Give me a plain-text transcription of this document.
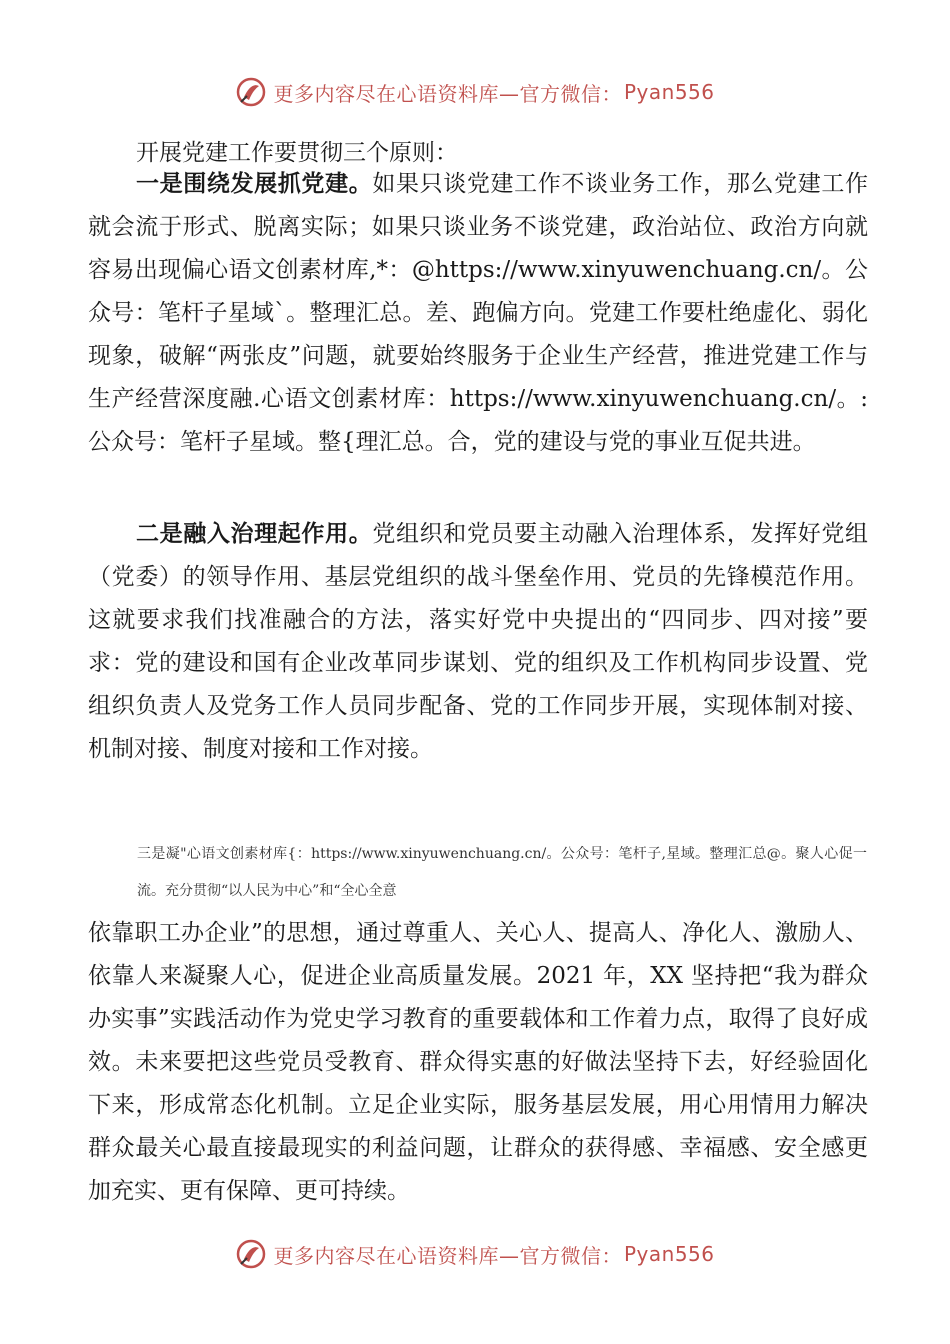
更多内容尽在心语资料库— 官方微信： Pyan556
开展党建工作要贯彻三个原则：
一是围绕发展抓党建。如果只谈党建工作不谈业务工作，那么党建工作就会流于形式、脱离实际；如果只谈业务不谈党建，政治站位、政治方向就容易出现偏心语文创素材库,*：@https://www.xinyuwenchuang.cn/。公众号：笔杆子星域`。整理汇总。差、跑偏方向。党建工作要杜绝虚化、弱化现象，破解“两张皮”问题，就要始终服务于企业生产经营，推进党建工作与生产经营深度融.心语文创素材库：https://www.xinyuwenchuang.cn/。:公众号：笔杆子星域。整{理汇总。合，党的建设与党的事业互促共进。
二是融入治理起作用。党组织和党员要主动融入治理体系，发挥好党组（党委）的领导作用、基层党组织的战斗堡垒作用、党员的先锋模范作用。这就要求我们找准融合的方法，落实好党中央提出的“四同步、四对接”要求：党的建设和国有企业改革同步谋划、党的组织及工作机构同步设置、党组织负责人及党务工作人员同步配备、党的工作同步开展，实现体制对接、机制对接、制度对接和工作对接。
三是凝"心语文创素材库{：https://www.xinyuwenchuang.cn/。公众号：笔杆子,星域。整理汇总@。聚人心促一流。充分贯彻“以人民为中心”和“全心全意
依靠职工办企业”的思想，通过尊重人、关心人、提高人、净化人、激励人、依靠人来凝聚人心，促进企业高质量发展。2021 年，XX 坚持把“我为群众办实事”实践活动作为党史学习教育的重要载体和工作着力点，取得了良好成效。未来要把这些党员受教育、群众得实惠的好做法坚持下去，好经验固化下来，形成常态化机制。立足企业实际，服务基层发展，用心用情用力解决群众最关心最直接最现实的利益问题，让群众的获得感、幸福感、安全感更加充实、更有保障、更可持续。
更多内容尽在心语资料库— 官方微信： Pyan556
